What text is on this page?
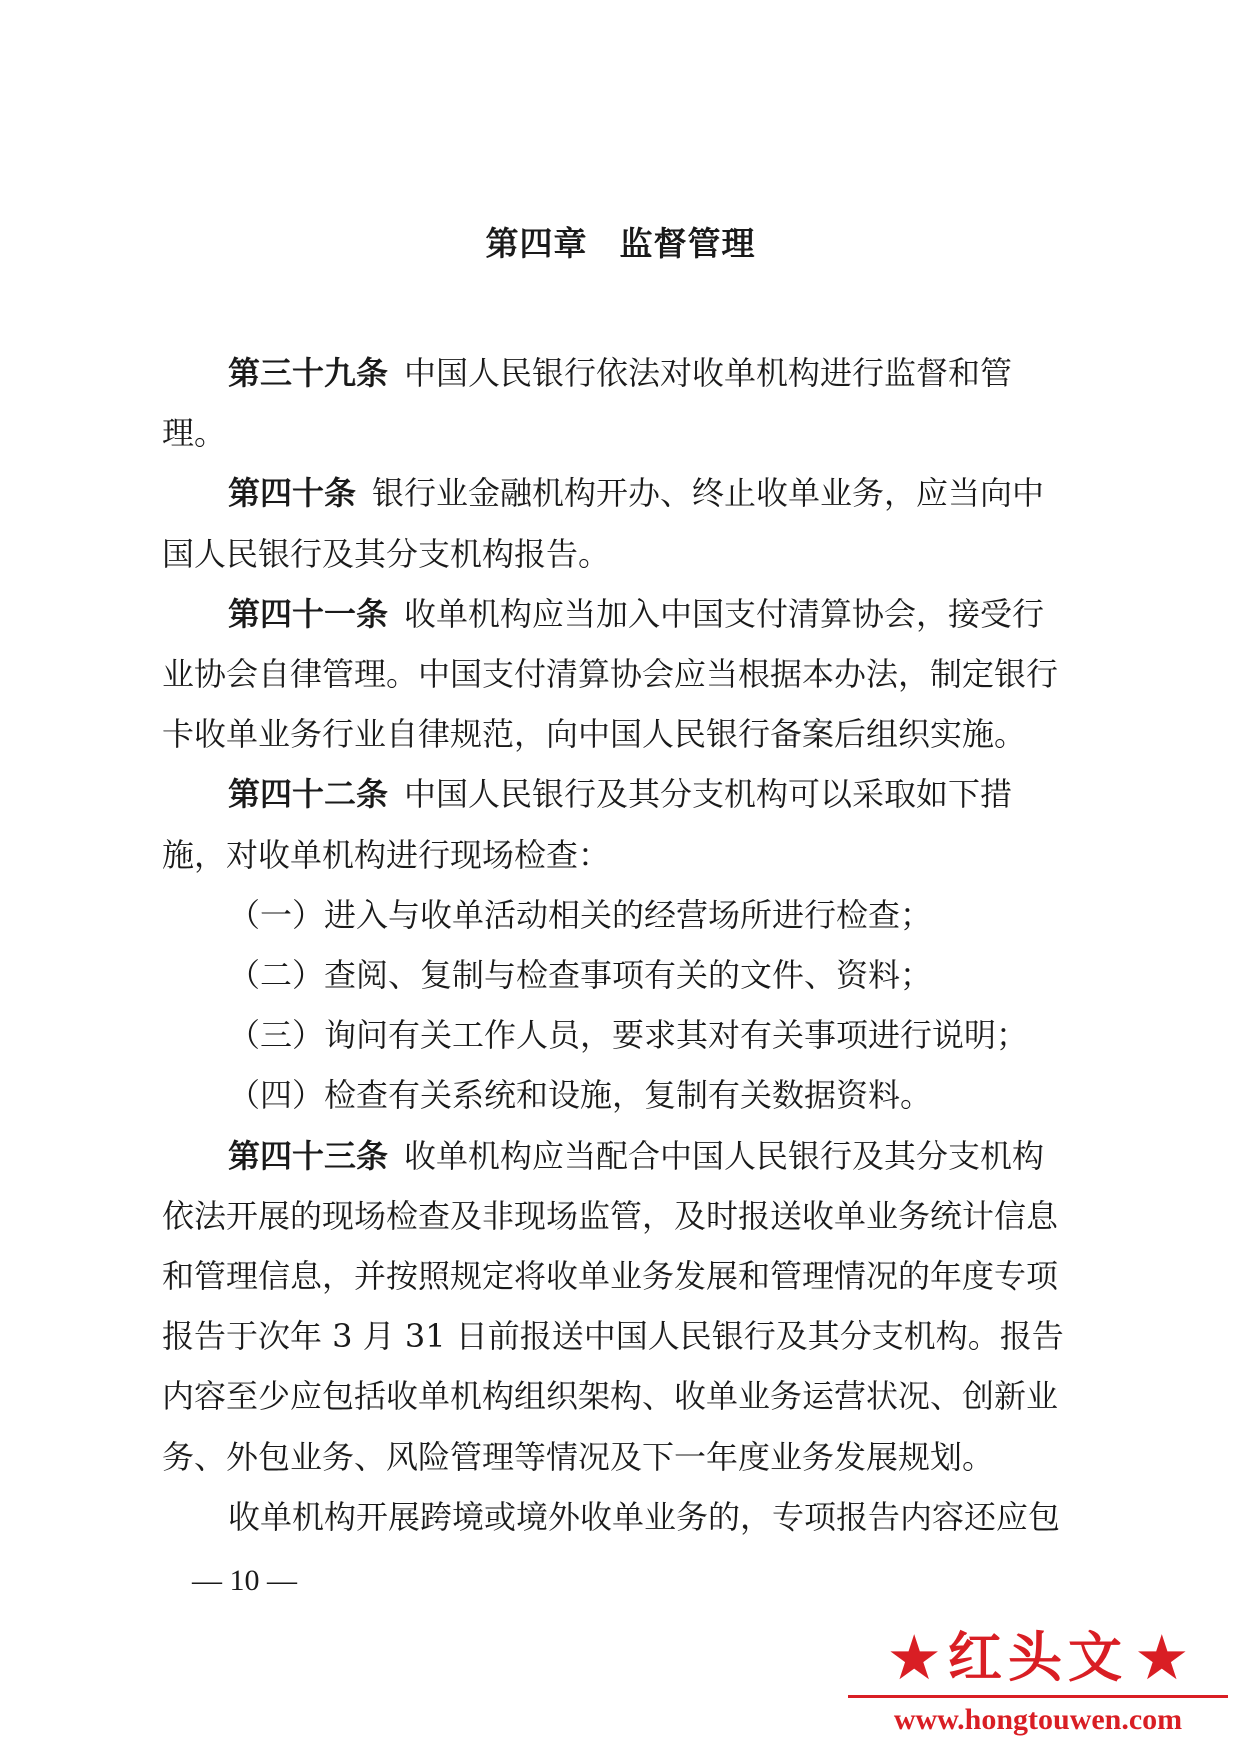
第四章 监督管理

第三十九条 中国人民银行依法对收单机构进行监督和管
理。

第四十条 银行业金融机构开办、终止收单业务，应当向中
国人民银行及其分支机构报告。

第四十一条 收单机构应当加入中国支付清算协会，接受行
业协会自律管理。中国支付清算协会应当根据本办法，制定银行
卡收单业务行业自律规范，向中国人民银行备案后组织实施。

第四十二条 中国人民银行及其分支机构可以采取如下措
施，对收单机构进行现场检查：

（一）进入与收单活动相关的经营场所进行检查；

（二）查阅、复制与检查事项有关的文件、资料；

（三）询问有关工作人员，要求其对有关事项进行说明；

（四）检查有关系统和设施，复制有关数据资料。

第四十三条 收单机构应当配合中国人民银行及其分支机构
依法开展的现场检查及非现场监管，及时报送收单业务统计信息
和管理信息，并按照规定将收单业务发展和管理情况的年度专项
报告于次年 3 月 31 日前报送中国人民银行及其分支机构。报告
内容至少应包括收单机构组织架构、收单业务运营状况、创新业
务、外包业务、风险管理等情况及下一年度业务发展规划。

收单机构开展跨境或境外收单业务的，专项报告内容还应包

— 10 —
★ 红头文 ★
www.hongtouwen.com
